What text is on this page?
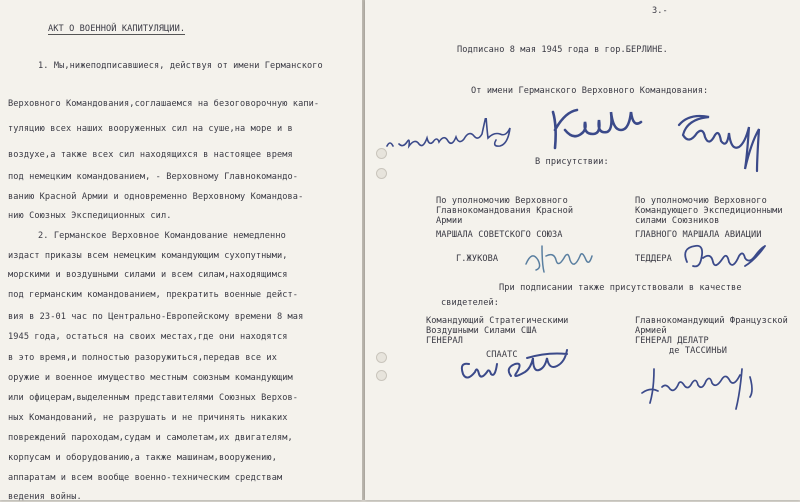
АКТ О ВОЕННОЙ КАПИТУЛЯЦИИ.
1. Мы,нижеподписавшиеся, действуя от имени Германского
Верховного Командования,соглашаемся на безоговорочную капи-
туляцию всех наших вооруженных сил на суше,на море и в
воздухе,а также всех сил находящихся в настоящее время
под немецким командованием, - Верховному Главнокомандо-
ванию Красной Армии и одновременно Верховному Командова-
нию Союзных Экспедиционных сил.
2. Германское Верховное Командование немедленно
издаст приказы всем немецким командующим сухопутными,
морскими и воздушными силами и всем силам,находящимся
под германским командованием, прекратить военные дейст-
вия в 23-01 час по Центрально-Европейскому времени 8 мая
1945 года, остаться на своих местах,где они находятся
в это время,и полностью разоружиться,передав все их
оружие и военное имущество местным союзным командующим
или офицерам,выделенным представителями Союзных Верхов-
ных Командований, не разрушать и не причинять никаких
повреждений пароходам,судам и самолетам,их двигателям,
корпусам и оборудованию,а также машинам,вооружению,
аппаратам и всем вообще военно-техническим средствам
ведения войны.
3.-
Подписано 8 мая 1945 года в гор.БЕРЛИНЕ.
От имени Германского Верховного Командования:
В присутствии:
По уполномочию Верховного
Главнокомандования Красной
Армии
МАРШАЛА СОВЕТСКОГО СОЮЗА
Г.ЖУКОВА
По уполномочию Верховного
Командующего Экспедиционными
силами Союзников
ГЛАВНОГО МАРШАЛА АВИАЦИИ
ТЕДДЕРА
При подписании также присутствовали в качестве
свидетелей:
Командующий Стратегическими
Воздушными Силами США
ГЕНЕРАЛ
СПААТС
Главнокомандующий Французской
Армией
ГЕНЕРАЛ ДЕЛАТР
де ТАССИНЬИ
